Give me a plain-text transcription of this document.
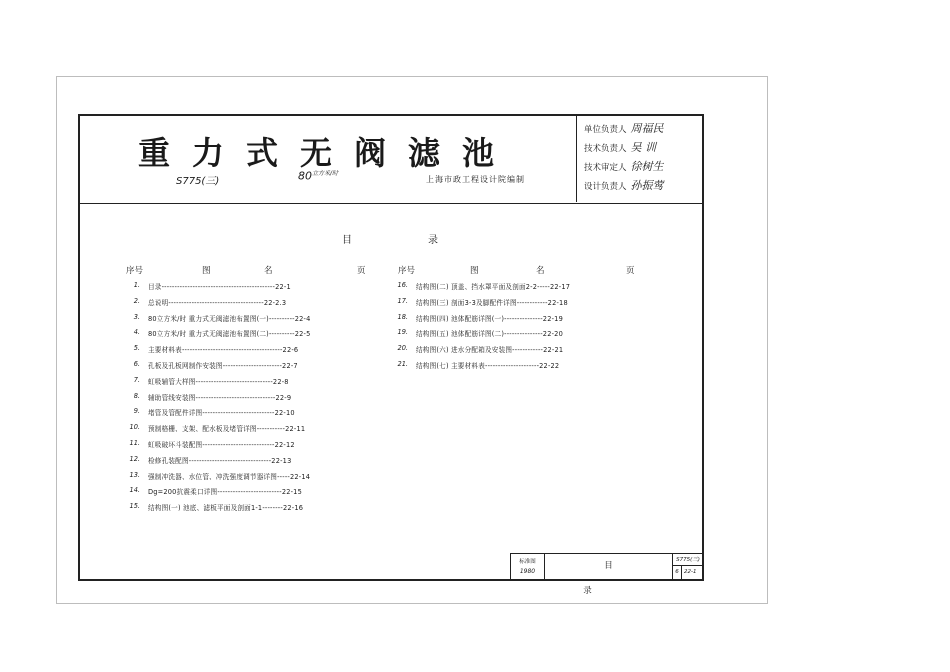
重力式无阀滤池
S775(三)	$80^{立方米/时}$
上海市政工程设计院编制
单位负责人 周福民
技术负责人 吴 训
技术审定人 徐树生
设计负责人 孙振莺
目	录
序号	图	名	页	序号	图	名	页
1. 目录--------------------------------------------22-1
2. 总说明-------------------------------------22-2.3
3. 80立方米/时 重力式无阀滤池布置图(一)----------22-4
4. 80立方米/时 重力式无阀滤池布置图(二)----------22-5
5. 主要材料表---------------------------------------22-6
6. 孔板及孔板网制作安装图-----------------------22-7
7. 虹吸辅管大样图------------------------------22-8
8. 辅助管线安装图-------------------------------22-9
9. 堵管及管配件详图----------------------------22-10
10. 预制格栅、支架、配水板及堵管详图-----------22-11
11. 虹吸破坏斗装配图----------------------------22-12
12. 检修孔装配图--------------------------------22-13
13. 强制冲洗器、水位管、冲洗强度调节器详图-----22-14
14. Dg=200抗震柔口详图-------------------------22-15
15. 结构图(一) 池底、滤板平面及剖面1-1--------22-16
16. 结构图(二) 顶盖、挡水罩平面及剖面2-2-----22-17
17. 结构图(三) 剖面3-3及脚配件详图------------22-18
18. 结构图(四) 池体配筋详图(一)---------------22-19
19. 结构图(五) 池体配筋详图(二)---------------22-20
20. 结构图(六) 进水分配箱及安装图------------22-21
21. 结构图(七) 主要材料表---------------------22-22
标准图
1980
目录
S775(三)
6 22-1
